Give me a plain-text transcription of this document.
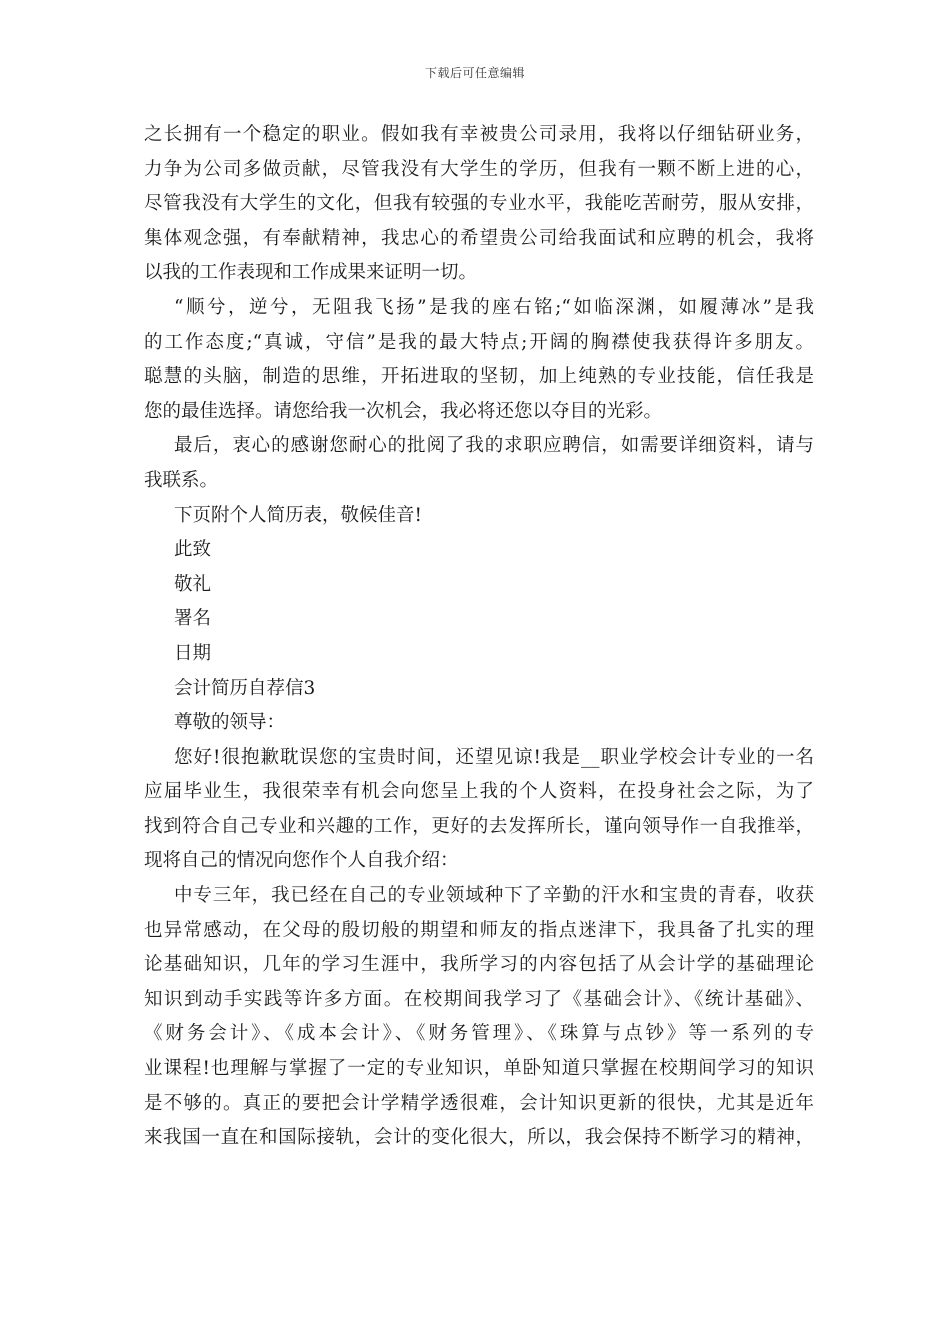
下载后可任意编辑
之长拥有一个稳定的职业。假如我有幸被贵公司录用，我将以仔细钻研业务，
力争为公司多做贡献，尽管我没有大学生的学历，但我有一颗不断上进的心，
尽管我没有大学生的文化，但我有较强的专业水平，我能吃苦耐劳，服从安排，
集体观念强，有奉献精神，我忠心的希望贵公司给我面试和应聘的机会，我将
以我的工作表现和工作成果来证明一切。
“顺兮，逆兮，无阻我飞扬”是我的座右铭;“如临深渊，如履薄冰”是我
的工作态度;“真诚，守信”是我的最大特点;开阔的胸襟使我获得许多朋友。
聪慧的头脑，制造的思维，开拓进取的坚韧，加上纯熟的专业技能，信任我是
您的最佳选择。请您给我一次机会，我必将还您以夺目的光彩。
最后，衷心的感谢您耐心的批阅了我的求职应聘信，如需要详细资料，请与
我联系。
下页附个人简历表，敬候佳音!
此致
敬礼
署名
日期
会计简历自荐信3
尊敬的领导：
您好!很抱歉耽误您的宝贵时间，还望见谅!我是__职业学校会计专业的一名
应届毕业生，我很荣幸有机会向您呈上我的个人资料，在投身社会之际，为了
找到符合自己专业和兴趣的工作，更好的去发挥所长，谨向领导作一自我推举，
现将自己的情况向您作个人自我介绍：
中专三年，我已经在自己的专业领域种下了辛勤的汗水和宝贵的青春，收获
也异常感动，在父母的殷切般的期望和师友的指点迷津下，我具备了扎实的理
论基础知识，几年的学习生涯中，我所学习的内容包括了从会计学的基础理论
知识到动手实践等许多方面。在校期间我学习了《基础会计》、《统计基础》、
《财务会计》、《成本会计》、《财务管理》、《珠算与点钞》等一系列的专
业课程!也理解与掌握了一定的专业知识，单卧知道只掌握在校期间学习的知识
是不够的。真正的要把会计学精学透很难，会计知识更新的很快，尤其是近年
来我国一直在和国际接轨，会计的变化很大，所以，我会保持不断学习的精神，
